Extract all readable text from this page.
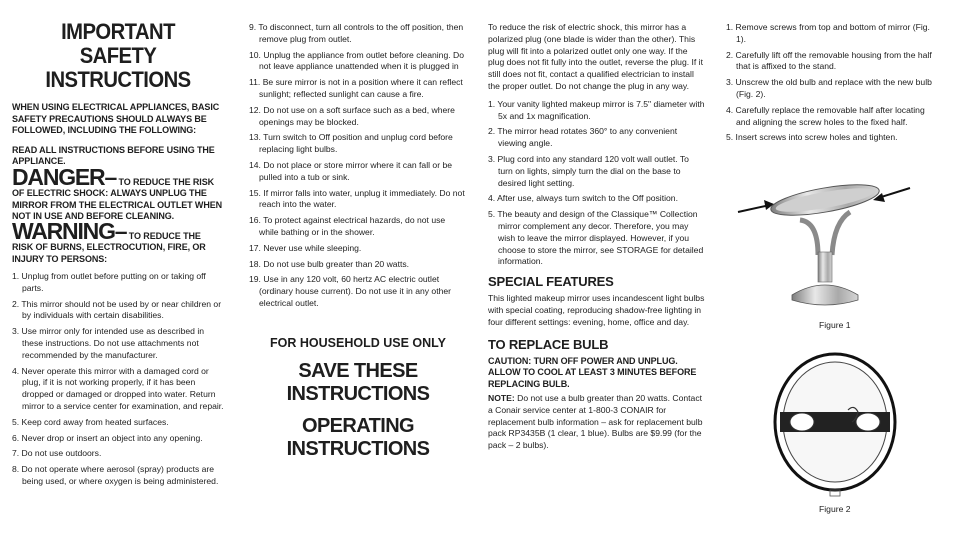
IMPORTANT SAFETY
INSTRUCTIONS

WHEN USING ELECTRICAL APPLIANCES, BASIC SAFETY PRECAUTIONS SHOULD ALWAYS BE FOLLOWED, INCLUDING THE FOLLOWING:

READ ALL INSTRUCTIONS BEFORE USING THE APPLIANCE.

DANGER– TO REDUCE THE RISK OF ELECTRIC SHOCK: ALWAYS UNPLUG THE MIRROR FROM THE ELECTRICAL OUTLET WHEN NOT IN USE AND BEFORE CLEANING.

WARNING– TO REDUCE THE RISK OF BURNS, ELECTROCUTION, FIRE, OR INJURY TO PERSONS:

1. Unplug from outlet before putting on or taking off parts.
2. This mirror should not be used by or near children or by individuals with certain disabilities.
3. Use mirror only for intended use as described in these instructions. Do not use attachments not recommended by the manufacturer.
4. Never operate this mirror with a damaged cord or plug, if it is not working properly, if it has been dropped or damaged or dropped into water. Return mirror to a service center for examination, and repair.
5. Keep cord away from heated surfaces.
6. Never drop or insert an object into any opening.
7. Do not use outdoors.
8. Do not operate where aerosol (spray) products are being used, or where oxygen is being administered.
9. To disconnect, turn all controls to the off position, then remove plug from outlet.
10. Unplug the appliance from outlet before cleaning. Do not leave appliance unattended when it is plugged in
11. Be sure mirror is not in a position where it can reflect sunlight; reflected sunlight can cause a fire.
12. Do not use on a soft surface such as a bed, where openings may be blocked.
13. Turn switch to Off position and unplug cord before replacing light bulbs.
14. Do not place or store mirror where it can fall or be pulled into a tub or sink.
15. If mirror falls into water, unplug it immediately. Do not reach into the water.
16. To protect against electrical hazards, do not use while bathing or in the shower.
17. Never use while sleeping.
18. Do not use bulb greater than 20 watts.
19. Use in any 120 volt, 60 hertz AC electric outlet (ordinary house current). Do not use it in any other electrical outlet.
FOR HOUSEHOLD USE ONLY
SAVE THESE
INSTRUCTIONS
OPERATING
INSTRUCTIONS

To reduce the risk of electric shock, this mirror has a polarized plug (one blade is wider than the other). This plug will fit into a polarized outlet only one way. If the plug does not fit fully into the outlet, reverse the plug. If it still does not fit, contact a qualified electrician to install the proper outlet. Do not change the plug in any way.

1. Your vanity lighted makeup mirror is 7.5" diameter with 5x and 1x magnification.
2. The mirror head rotates 360° to any convenient viewing angle.
3. Plug cord into any standard 120 volt wall outlet. To turn on lights, simply turn the dial on the base to desired light setting.
4. After use, always turn switch to the Off position.
5. The beauty and design of the Classique™ Collection mirror complement any decor. Therefore, you may wish to leave the mirror displayed. However, if you choose to store the mirror, see STORAGE for detailed information.

SPECIAL FEATURES

This lighted makeup mirror uses incandescent light bulbs with special coating, reproducing shadow-free lighting in four different settings: evening, home, office and day.

TO REPLACE BULB

CAUTION: TURN OFF POWER AND UNPLUG. ALLOW TO COOL AT LEAST 3 MINUTES BEFORE REPLACING BULB.

NOTE: Do not use a bulb greater than 20 watts. Contact a Conair service center at 1-800-3 CONAIR for replacement bulb information – ask for replacement bulb pack RP3435B (1 clear, 1 blue). Bulbs are $9.99 (for the pack – 2 bulbs).

1. Remove screws from top and bottom of mirror (Fig. 1).
2. Carefully lift off the removable housing from the half that is affixed to the stand.
3. Unscrew the old bulb and replace with the new bulb (Fig. 2).
4. Carefully replace the removable half after locating and aligning the screw holes to the fixed half.
5. Insert screws into screw holes and tighten.
Figure 1
Figure 2
